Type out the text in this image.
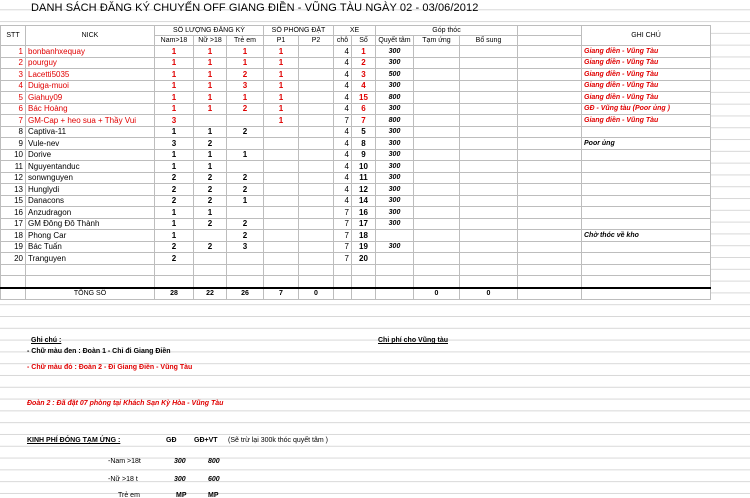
DANH SÁCH ĐĂNG KÝ CHUYẾN OFF GIANG ĐIỀN - VŨNG TÀU NGÀY 02 - 03/06/2012
STT	NICK	SỐ LƯỢNG ĐĂNG KÝ			SỐ PHÒNG ĐẶT		XE		Góp thóc				GHI CHÚ
		Nam>18	Nữ >18	Trẻ em	P1	P2	chỗ	Số	Quyết tâm	Tạm ứng	Bổ sung		
1	bonbanhxequay	1	1	1	1		4	1	300				Giang điền - Vũng Tàu
2	pourguy	1	1	1	1		4	2	300				Giang điền - Vũng Tàu
3	Lacetti5035	1	1	2	1		4	3	500				Giang điền - Vũng Tàu
4	Duiga-muoi	1	1	3	1		4	4	300				Giang điền - Vũng Tàu
5	Giahuy09	1	1	1	1		4	15	800				Giang điền - Vũng Tàu
6	Bác Hoàng	1	1	2	1		4	6	300				GĐ - Vũng tàu (Poor ủng )
7	GM-Cap + heo sua + Thầy Vui	3			1		7	7	800				Giang điền - Vũng Tàu
8	Captiva-11	1	1	2			4	5	300				
9	Vule-nev	3	2				4	8	300				Poor ủng
10	Dorive	1	1	1			4	9	300				
11	Nguyentanduc	1	1				4	10	300				
12	sonwnguyen	2	2	2			4	11	300				
13	Hunglydi	2	2	2			4	12	300				
15	Danacons	2	2	1			4	14	300				
16	Anzudragon	1	1				7	16	300				
17	GM Đông Đô Thành	1	2	2			7	17	300				
18	Phong Car	1		2			7	18					Chờ thóc về kho
19	Bác Tuấn	2	2	3			7	19	300				
20	Tranguyen	2					7	20					

	TỔNG SỐ	28	22	26	7	0				0	0		
Ghi chú :
- Chữ màu đen : Đoàn 1 - Chỉ đi Giang Điền
- Chữ màu đỏ : Đoàn 2 - Đi Giang Điền - Vũng Tàu
Đoàn 2 : Đã đặt 07 phòng tại Khách Sạn Kỳ Hòa - Vũng Tàu
Chi phí cho Vũng tàu
KINH PHÍ ĐÓNG TẠM ỨNG :	GĐ	GĐ+VT (Sẽ trừ lại 300k thóc quyết tâm )
-Nam >18t	300	800
-Nữ >18 t	300	600
Trẻ em	MP	MP
